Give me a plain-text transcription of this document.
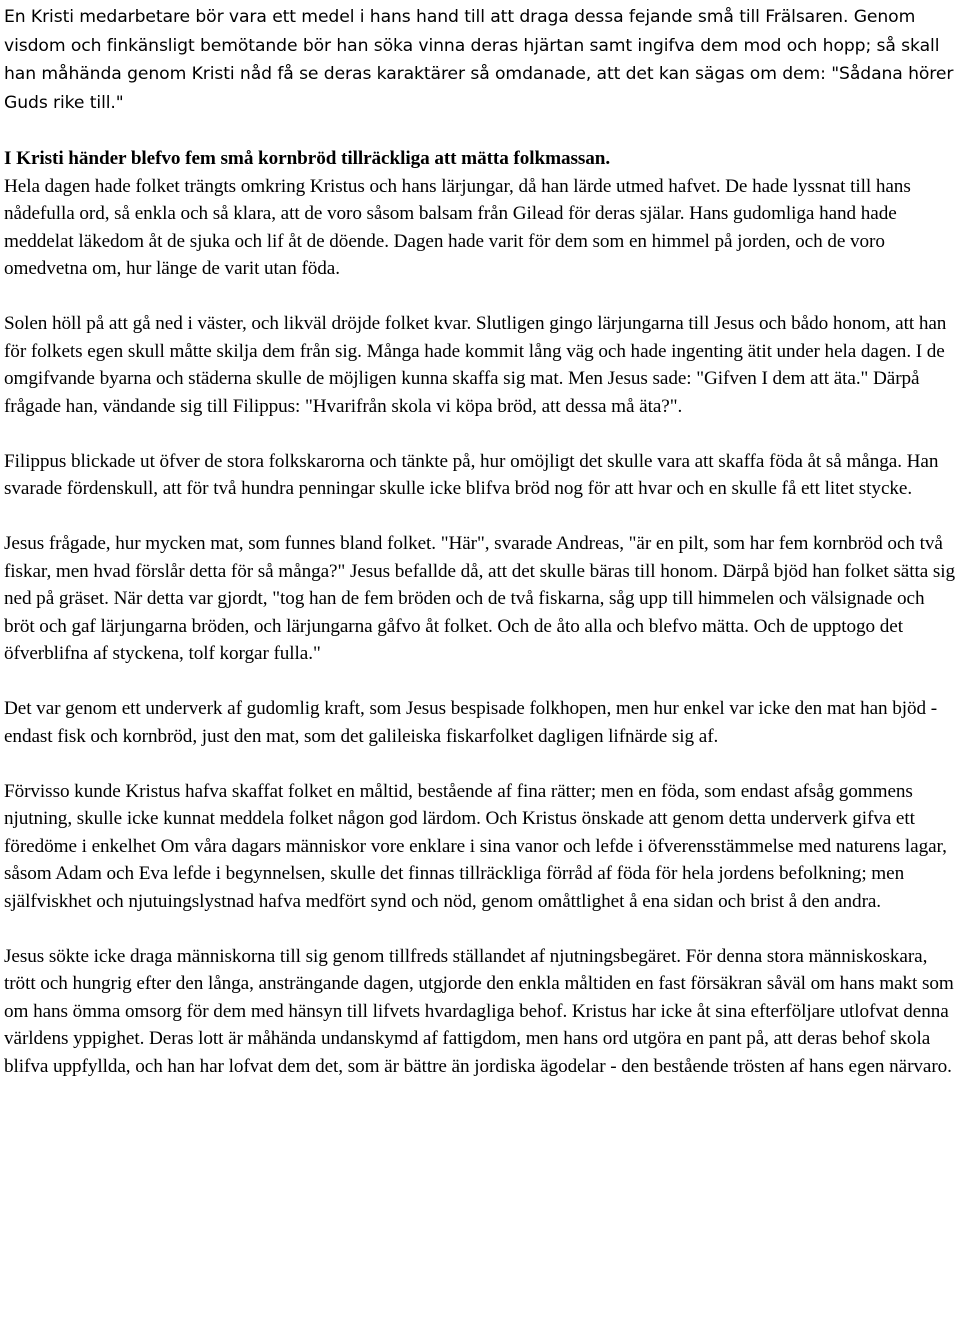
En Kristi medarbetare bör vara ett medel i hans hand till att draga dessa fejande små till Frälsaren. Genom visdom och finkänsligt bemötande bör han söka vinna deras hjärtan samt ingifva dem mod och hopp; så skall han måhända genom Kristi nåd få se deras karaktärer så omdanade, att det kan sägas om dem: "Sådana hörer Guds rike till."

I Kristi händer blefvo fem små kornbröd tillräckliga att mätta folkmassan.

Hela dagen hade folket trängts omkring Kristus och hans lärjungar, då han lärde utmed hafvet. De hade lyssnat till hans nådefulla ord, så enkla och så klara, att de voro såsom balsam från Gilead för deras själar. Hans gudomliga hand hade meddelat läkedom åt de sjuka och lif åt de döende. Dagen hade varit för dem som en himmel på jorden, och de voro omedvetna om, hur länge de varit utan föda.

Solen höll på att gå ned i väster, och likväl dröjde folket kvar. Slutligen gingo lärjungarna till Jesus och bådo honom, att han för folkets egen skull måtte skilja dem från sig. Många hade kommit lång väg och hade ingenting ätit under hela dagen. I de omgifvande byarna och städerna skulle de möjligen kunna skaffa sig mat. Men Jesus sade: "Gifven I dem att äta." Därpå frågade han, vändande sig till Filippus: "Hvarifrån skola vi köpa bröd, att dessa må äta?".

Filippus blickade ut öfver de stora folkskarorna och tänkte på, hur omöjligt det skulle vara att skaffa föda åt så många. Han svarade fördenskull, att för två hundra penningar skulle icke blifva bröd nog för att hvar och en skulle få ett litet stycke.

Jesus frågade, hur mycken mat, som funnes bland folket. "Här", svarade Andreas, "är en pilt, som har fem kornbröd och två fiskar, men hvad förslår detta för så många?" Jesus befallde då, att det skulle bäras till honom. Därpå bjöd han folket sätta sig ned på gräset. När detta var gjordt, "tog han de fem bröden och de två fiskarna, såg upp till himmelen och välsignade och bröt och gaf lärjungarna bröden, och lärjungarna gåfvo åt folket. Och de åto alla och blefvo mätta. Och de upptogo det öfverblifna af styckena, tolf korgar fulla."

Det var genom ett underverk af gudomlig kraft, som Jesus bespisade folkhopen, men hur enkel var icke den mat han bjöd - endast fisk och kornbröd, just den mat, som det galileiska fiskarfolket dagligen lifnärde sig af.

Förvisso kunde Kristus hafva skaffat folket en måltid, bestående af fina rätter; men en föda, som endast afsåg gommens njutning, skulle icke kunnat meddela folket någon god lärdom. Och Kristus önskade att genom detta underverk gifva ett föredöme i enkelhet Om våra dagars människor vore enklare i sina vanor och lefde i öfverensstämmelse med naturens lagar, såsom Adam och Eva lefde i begynnelsen, skulle det finnas tillräckliga förråd af föda för hela jordens befolkning; men själfviskhet och njutuingslystnad hafva medfört synd och nöd, genom omåttlighet å ena sidan och brist å den andra.

Jesus sökte icke draga människorna till sig genom tillfreds ställandet af njutningsbegäret. För denna stora människoskara, trött och hungrig efter den långa, ansträngande dagen, utgjorde den enkla måltiden en fast försäkran såväl om hans makt som om hans ömma omsorg för dem med hänsyn till lifvets hvardagliga behof. Kristus har icke åt sina efterföljare utlofvat denna världens yppighet. Deras lott är måhända undanskymd af fattigdom, men hans ord utgöra en pant på, att deras behof skola blifva uppfyllda, och han har lofvat dem det, som är bättre än jordiska ägodelar - den bestående trösten af hans egen närvaro.
